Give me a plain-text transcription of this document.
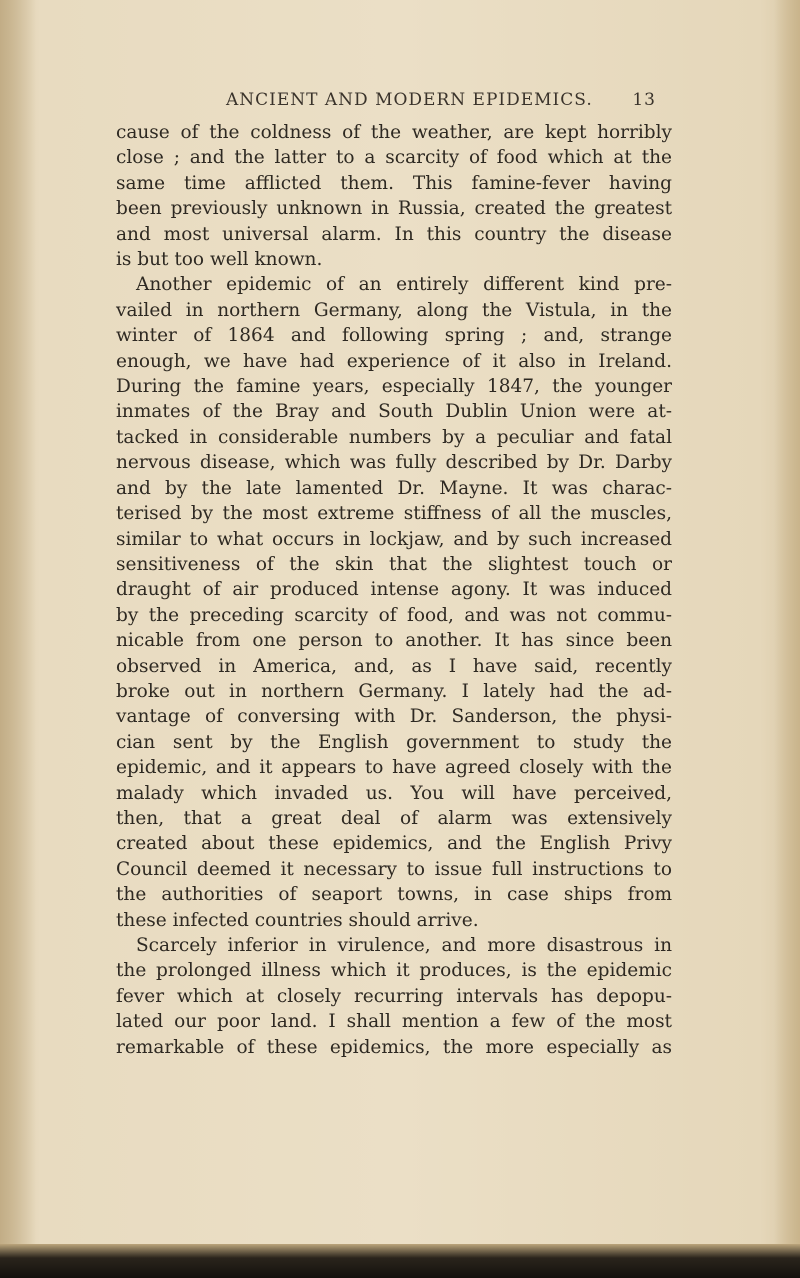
ANCIENT AND MODERN EPIDEMICS. 13

cause of the coldness of the weather, are kept horribly
close ; and the latter to a scarcity of food which at the
same time afflicted them. This famine-fever having
been previously unknown in Russia, created the greatest
and most universal alarm. In this country the disease
is but too well known.

Another epidemic of an entirely different kind pre-
vailed in northern Germany, along the Vistula, in the
winter of 1864 and following spring ; and, strange
enough, we have had experience of it also in Ireland.
During the famine years, especially 1847, the younger
inmates of the Bray and South Dublin Union were at-
tacked in considerable numbers by a peculiar and fatal
nervous disease, which was fully described by Dr. Darby
and by the late lamented Dr. Mayne. It was charac-
terised by the most extreme stiffness of all the muscles,
similar to what occurs in lockjaw, and by such increased
sensitiveness of the skin that the slightest touch or
draught of air produced intense agony. It was induced
by the preceding scarcity of food, and was not commu-
nicable from one person to another. It has since been
observed in America, and, as I have said, recently
broke out in northern Germany. I lately had the ad-
vantage of conversing with Dr. Sanderson, the physi-
cian sent by the English government to study the
epidemic, and it appears to have agreed closely with the
malady which invaded us. You will have perceived,
then, that a great deal of alarm was extensively
created about these epidemics, and the English Privy
Council deemed it necessary to issue full instructions to
the authorities of seaport towns, in case ships from
these infected countries should arrive.

Scarcely inferior in virulence, and more disastrous in
the prolonged illness which it produces, is the epidemic
fever which at closely recurring intervals has depopu-
lated our poor land. I shall mention a few of the most
remarkable of these epidemics, the more especially as
